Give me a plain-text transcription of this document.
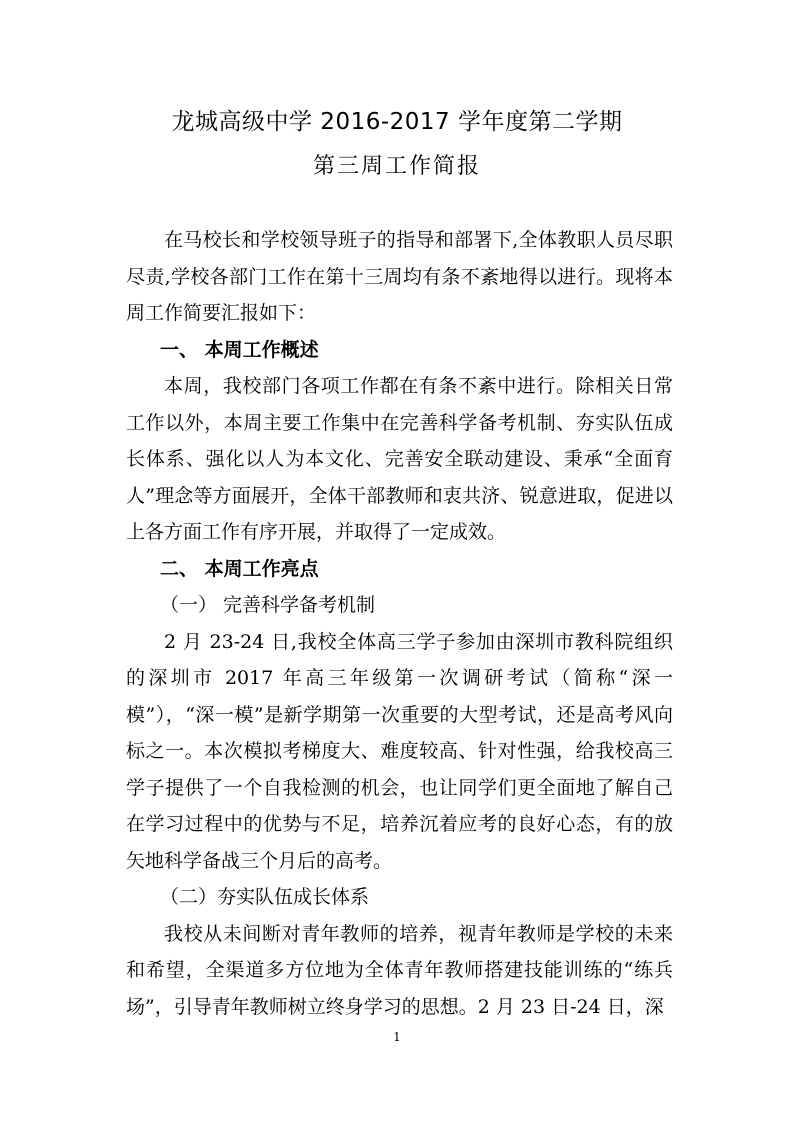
龙城高级中学 2016-2017 学年度第二学期
第三周工作简报

在马校长和学校领导班子的指导和部署下,全体教职人员尽职尽责,学校各部门工作在第十三周均有条不紊地得以进行。现将本周工作简要汇报如下：

一、 本周工作概述

本周，我校部门各项工作都在有条不紊中进行。除相关日常工作以外，本周主要工作集中在完善科学备考机制、夯实队伍成长体系、强化以人为本文化、完善安全联动建设、秉承“全面育人”理念等方面展开，全体干部教师和衷共济、锐意进取，促进以上各方面工作有序开展，并取得了一定成效。

二、 本周工作亮点

（一） 完善科学备考机制

2 月 23-24 日,我校全体高三学子参加由深圳市教科院组织的深圳市 2017 年高三年级第一次调研考试（简称“深一模”），“深一模”是新学期第一次重要的大型考试，还是高考风向标之一。本次模拟考梯度大、难度较高、针对性强，给我校高三学子提供了一个自我检测的机会，也让同学们更全面地了解自己在学习过程中的优势与不足，培养沉着应考的良好心态，有的放矢地科学备战三个月后的高考。

（二）夯实队伍成长体系

我校从未间断对青年教师的培养，视青年教师是学校的未来和希望，全渠道多方位地为全体青年教师搭建技能训练的“练兵场”，引导青年教师树立终身学习的思想。2 月 23 日-24 日，深

1
